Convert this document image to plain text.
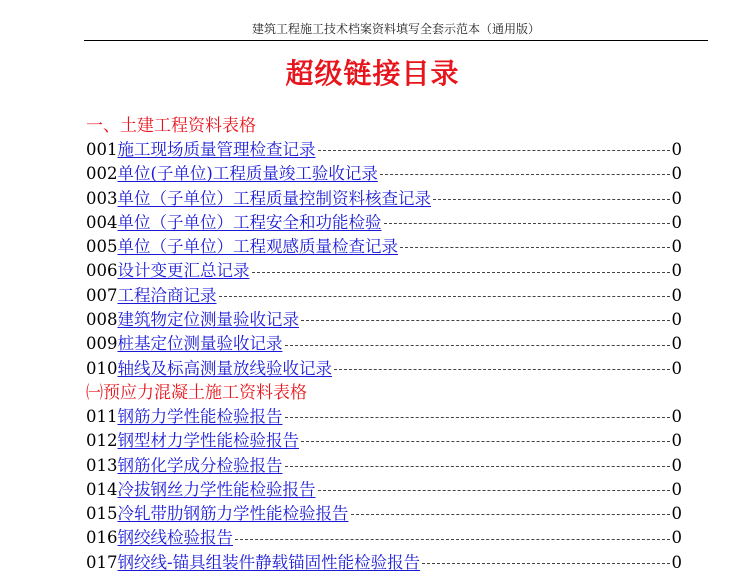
建筑工程施工技术档案资料填写全套示范本（通用版）
超级链接目录
一、土建工程资料表格
001 施工现场质量管理检查记录	0
002 单位(子单位)工程质量竣工验收记录	0
003 单位（子单位）工程质量控制资料核查记录	0
004 单位（子单位）工程安全和功能检验	0
005 单位（子单位）工程观感质量检查记录	0
006 设计变更汇总记录	0
007 工程洽商记录	0
008 建筑物定位测量验收记录	0
009 桩基定位测量验收记录	0
010 轴线及标高测量放线验收记录	0
㈠预应力混凝土施工资料表格
011 钢筋力学性能检验报告	0
012 钢型材力学性能检验报告	0
013 钢筋化学成分检验报告	0
014 冷拔钢丝力学性能检验报告	0
015 冷轧带肋钢筋力学性能检验报告	0
016 钢绞线检验报告	0
017 钢绞线-锚具组装件静载锚固性能检验报告	0
